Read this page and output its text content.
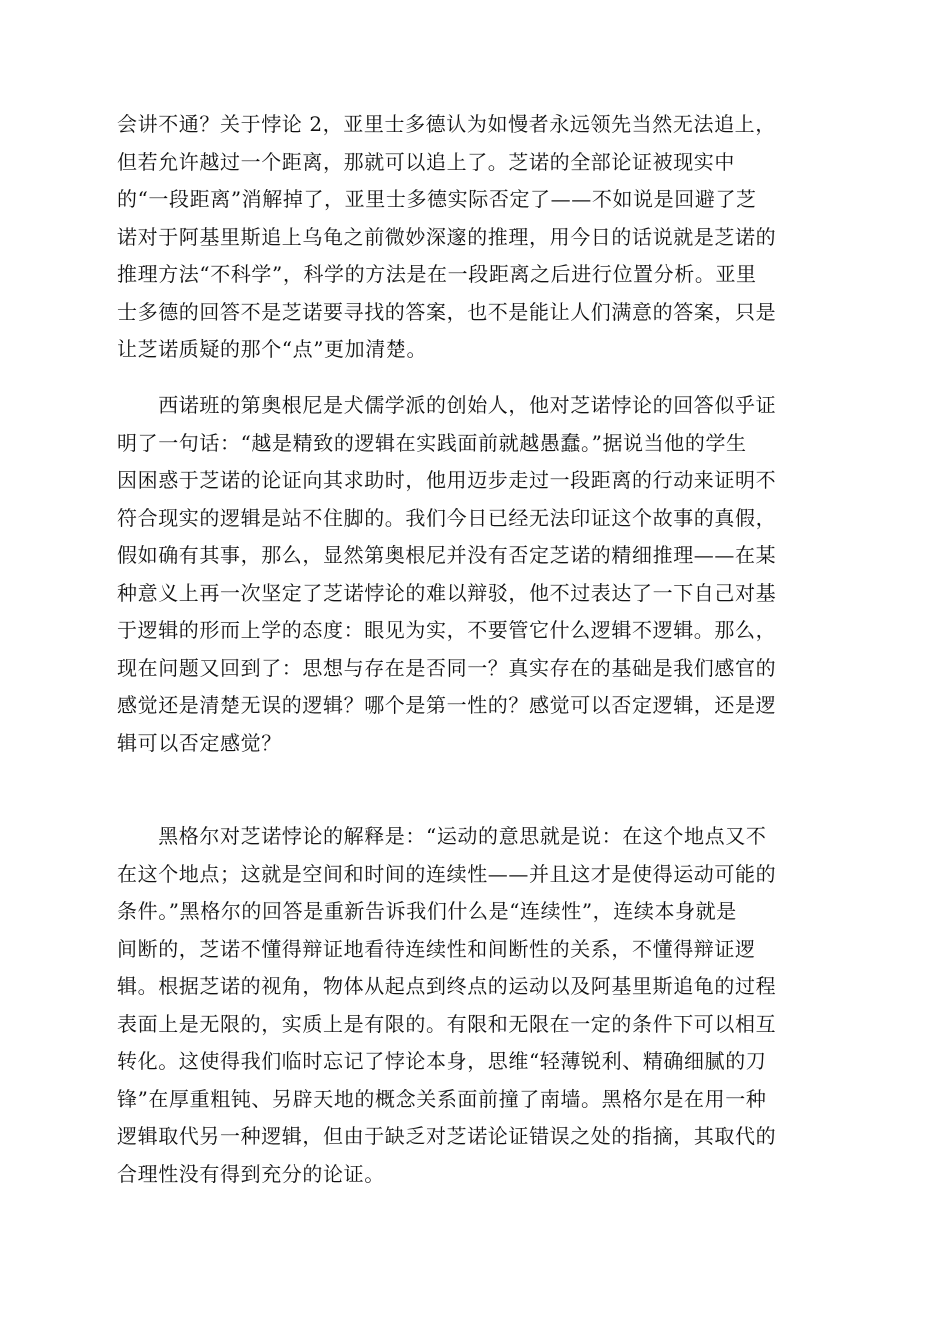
会讲不通？关于悖论 2，亚里士多德认为如慢者永远领先当然无法追上，
但若允许越过一个距离，那就可以追上了。芝诺的全部论证被现实中
的“一段距离”消解掉了，亚里士多德实际否定了——不如说是回避了芝
诺对于阿基里斯追上乌龟之前微妙深邃的推理，用今日的话说就是芝诺的
推理方法“不科学”，科学的方法是在一段距离之后进行位置分析。亚里
士多德的回答不是芝诺要寻找的答案，也不是能让人们满意的答案，只是
让芝诺质疑的那个“点”更加清楚。
　　西诺班的第奥根尼是犬儒学派的创始人，他对芝诺悖论的回答似乎证
明了一句话：“越是精致的逻辑在实践面前就越愚蠢。”据说当他的学生
因困惑于芝诺的论证向其求助时，他用迈步走过一段距离的行动来证明不
符合现实的逻辑是站不住脚的。我们今日已经无法印证这个故事的真假，
假如确有其事，那么，显然第奥根尼并没有否定芝诺的精细推理——在某
种意义上再一次坚定了芝诺悖论的难以辩驳，他不过表达了一下自己对基
于逻辑的形而上学的态度：眼见为实，不要管它什么逻辑不逻辑。那么，
现在问题又回到了：思想与存在是否同一？真实存在的基础是我们感官的
感觉还是清楚无误的逻辑？哪个是第一性的？感觉可以否定逻辑，还是逻
辑可以否定感觉？
　　黑格尔对芝诺悖论的解释是：“运动的意思就是说：在这个地点又不
在这个地点；这就是空间和时间的连续性——并且这才是使得运动可能的
条件。”黑格尔的回答是重新告诉我们什么是“连续性”，连续本身就是
间断的，芝诺不懂得辩证地看待连续性和间断性的关系，不懂得辩证逻
辑。根据芝诺的视角，物体从起点到终点的运动以及阿基里斯追龟的过程
表面上是无限的，实质上是有限的。有限和无限在一定的条件下可以相互
转化。这使得我们临时忘记了悖论本身，思维“轻薄锐利、精确细腻的刀
锋”在厚重粗钝、另辟天地的概念关系面前撞了南墙。黑格尔是在用一种
逻辑取代另一种逻辑，但由于缺乏对芝诺论证错误之处的指摘，其取代的
合理性没有得到充分的论证。
